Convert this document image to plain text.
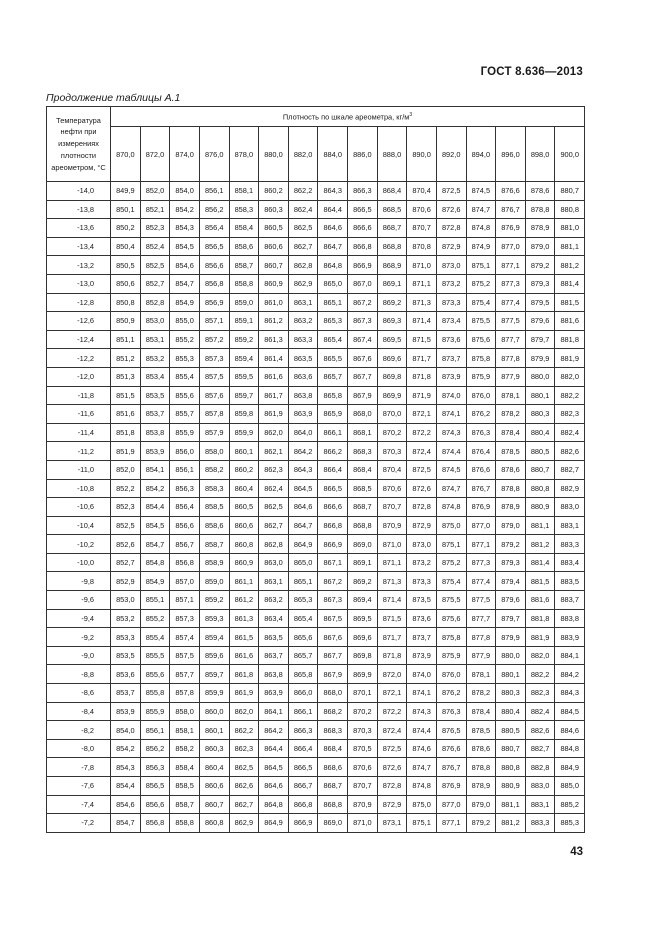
ГОСТ 8.636—2013
Продолжение таблицы А.1
Температура нефти при измерениях плотности ареометром, °С	Плотность по шкале ареометра, $кг/м^3$
	870,0	872,0	874,0	876,0	878,0	880,0	882,0	884,0	886,0	888,0	890,0	892,0	894,0	896,0	898,0	900,0
-14,0	849,9	852,0	854,0	856,1	858,1	860,2	862,2	864,3	866,3	868,4	870,4	872,5	874,5	876,6	878,6	880,7
-13,8	850,1	852,1	854,2	856,2	858,3	860,3	862,4	864,4	866,5	868,5	870,6	872,6	874,7	876,7	878,8	880,8
-13,6	850,2	852,3	854,3	856,4	858,4	860,5	862,5	864,6	866,6	868,7	870,7	872,8	874,8	876,9	878,9	881,0
-13,4	850,4	852,4	854,5	856,5	858,6	860,6	862,7	864,7	866,8	868,8	870,8	872,9	874,9	877,0	879,0	881,1
-13,2	850,5	852,5	854,6	856,6	858,7	860,7	862,8	864,8	866,9	868,9	871,0	873,0	875,1	877,1	879,2	881,2
-13,0	850,6	852,7	854,7	856,8	858,8	860,9	862,9	865,0	867,0	869,1	871,1	873,2	875,2	877,3	879,3	881,4
-12,8	850,8	852,8	854,9	856,9	859,0	861,0	863,1	865,1	867,2	869,2	871,3	873,3	875,4	877,4	879,5	881,5
-12,6	850,9	853,0	855,0	857,1	859,1	861,2	863,2	865,3	867,3	869,3	871,4	873,4	875,5	877,5	879,6	881,6
-12,4	851,1	853,1	855,2	857,2	859,2	861,3	863,3	865,4	867,4	869,5	871,5	873,6	875,6	877,7	879,7	881,8
-12,2	851,2	853,2	855,3	857,3	859,4	861,4	863,5	865,5	867,6	869,6	871,7	873,7	875,8	877,8	879,9	881,9
-12,0	851,3	853,4	855,4	857,5	859,5	861,6	863,6	865,7	867,7	869,8	871,8	873,9	875,9	877,9	880,0	882,0
-11,8	851,5	853,5	855,6	857,6	859,7	861,7	863,8	865,8	867,9	869,9	871,9	874,0	876,0	878,1	880,1	882,2
-11,6	851,6	853,7	855,7	857,8	859,8	861,9	863,9	865,9	868,0	870,0	872,1	874,1	876,2	878,2	880,3	882,3
-11,4	851,8	853,8	855,9	857,9	859,9	862,0	864,0	866,1	868,1	870,2	872,2	874,3	876,3	878,4	880,4	882,4
-11,2	851,9	853,9	856,0	858,0	860,1	862,1	864,2	866,2	868,3	870,3	872,4	874,4	876,4	878,5	880,5	882,6
-11,0	852,0	854,1	856,1	858,2	860,2	862,3	864,3	866,4	868,4	870,4	872,5	874,5	876,6	878,6	880,7	882,7
-10,8	852,2	854,2	856,3	858,3	860,4	862,4	864,5	866,5	868,5	870,6	872,6	874,7	876,7	878,8	880,8	882,9
-10,6	852,3	854,4	856,4	858,5	860,5	862,5	864,6	866,6	868,7	870,7	872,8	874,8	876,9	878,9	880,9	883,0
-10,4	852,5	854,5	856,6	858,6	860,6	862,7	864,7	866,8	868,8	870,9	872,9	875,0	877,0	879,0	881,1	883,1
-10,2	852,6	854,7	856,7	858,7	860,8	862,8	864,9	866,9	869,0	871,0	873,0	875,1	877,1	879,2	881,2	883,3
-10,0	852,7	854,8	856,8	858,9	860,9	863,0	865,0	867,1	869,1	871,1	873,2	875,2	877,3	879,3	881,4	883,4
-9,8	852,9	854,9	857,0	859,0	861,1	863,1	865,1	867,2	869,2	871,3	873,3	875,4	877,4	879,4	881,5	883,5
-9,6	853,0	855,1	857,1	859,2	861,2	863,2	865,3	867,3	869,4	871,4	873,5	875,5	877,5	879,6	881,6	883,7
-9,4	853,2	855,2	857,3	859,3	861,3	863,4	865,4	867,5	869,5	871,5	873,6	875,6	877,7	879,7	881,8	883,8
-9,2	853,3	855,4	857,4	859,4	861,5	863,5	865,6	867,6	869,6	871,7	873,7	875,8	877,8	879,9	881,9	883,9
-9,0	853,5	855,5	857,5	859,6	861,6	863,7	865,7	867,7	869,8	871,8	873,9	875,9	877,9	880,0	882,0	884,1
-8,8	853,6	855,6	857,7	859,7	861,8	863,8	865,8	867,9	869,9	872,0	874,0	876,0	878,1	880,1	882,2	884,2
-8,6	853,7	855,8	857,8	859,9	861,9	863,9	866,0	868,0	870,1	872,1	874,1	876,2	878,2	880,3	882,3	884,3
-8,4	853,9	855,9	858,0	860,0	862,0	864,1	866,1	868,2	870,2	872,2	874,3	876,3	878,4	880,4	882,4	884,5
-8,2	854,0	856,1	858,1	860,1	862,2	864,2	866,3	868,3	870,3	872,4	874,4	876,5	878,5	880,5	882,6	884,6
-8,0	854,2	856,2	858,2	860,3	862,3	864,4	866,4	868,4	870,5	872,5	874,6	876,6	878,6	880,7	882,7	884,8
-7,8	854,3	856,3	858,4	860,4	862,5	864,5	866,5	868,6	870,6	872,6	874,7	876,7	878,8	880,8	882,8	884,9
-7,6	854,4	856,5	858,5	860,6	862,6	864,6	866,7	868,7	870,7	872,8	874,8	876,9	878,9	880,9	883,0	885,0
-7,4	854,6	856,6	858,7	860,7	862,7	864,8	866,8	868,8	870,9	872,9	875,0	877,0	879,0	881,1	883,1	885,2
-7,2	854,7	856,8	858,8	860,8	862,9	864,9	866,9	869,0	871,0	873,1	875,1	877,1	879,2	881,2	883,3	885,3
43
